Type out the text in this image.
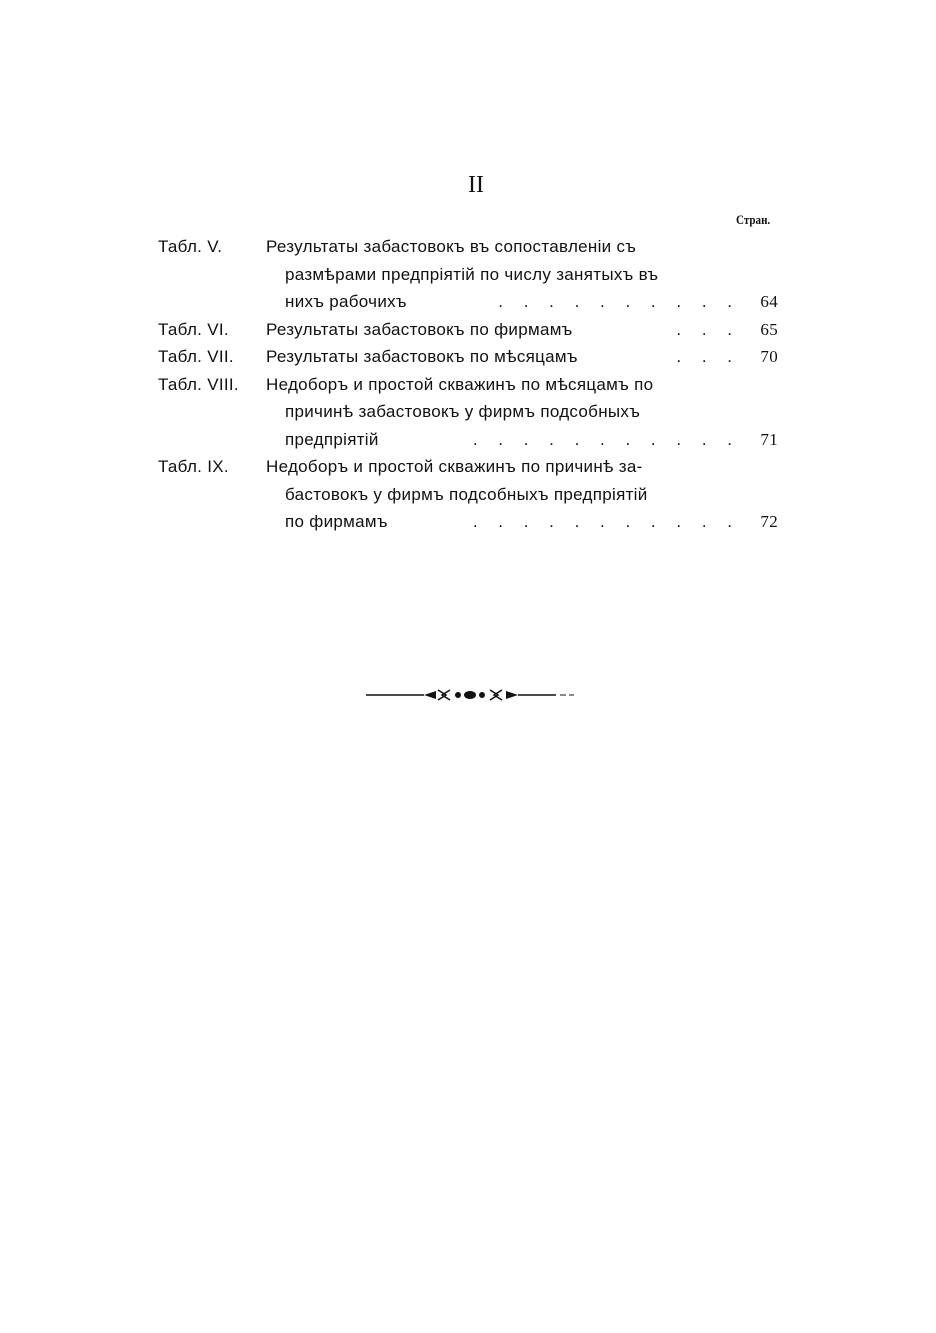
II
Стран.
Табл. V.	Результаты забастовокъ въ сопоставленіи съ
размѣрами предпріятій по числу занятыхъ въ
нихъ рабочихъ	. . . . . . . . . .	64
Табл. VI.	Результаты забастовокъ по фирмамъ	. . .	65
Табл. VII.	Результаты забастовокъ по мѣсяцамъ	. . .	70
Табл. VIII.	Недоборъ и простой скважинъ по мѣсяцамъ по
причинѣ забастовокъ у фирмъ подсобныхъ
предпріятій	. . . . . . . . . . .	71
Табл. IX.	Недоборъ и простой скважинъ по причинѣ за-
бастовокъ у фирмъ подсобныхъ предпріятій
по фирмамъ	. . . . . . . . . . .	72
